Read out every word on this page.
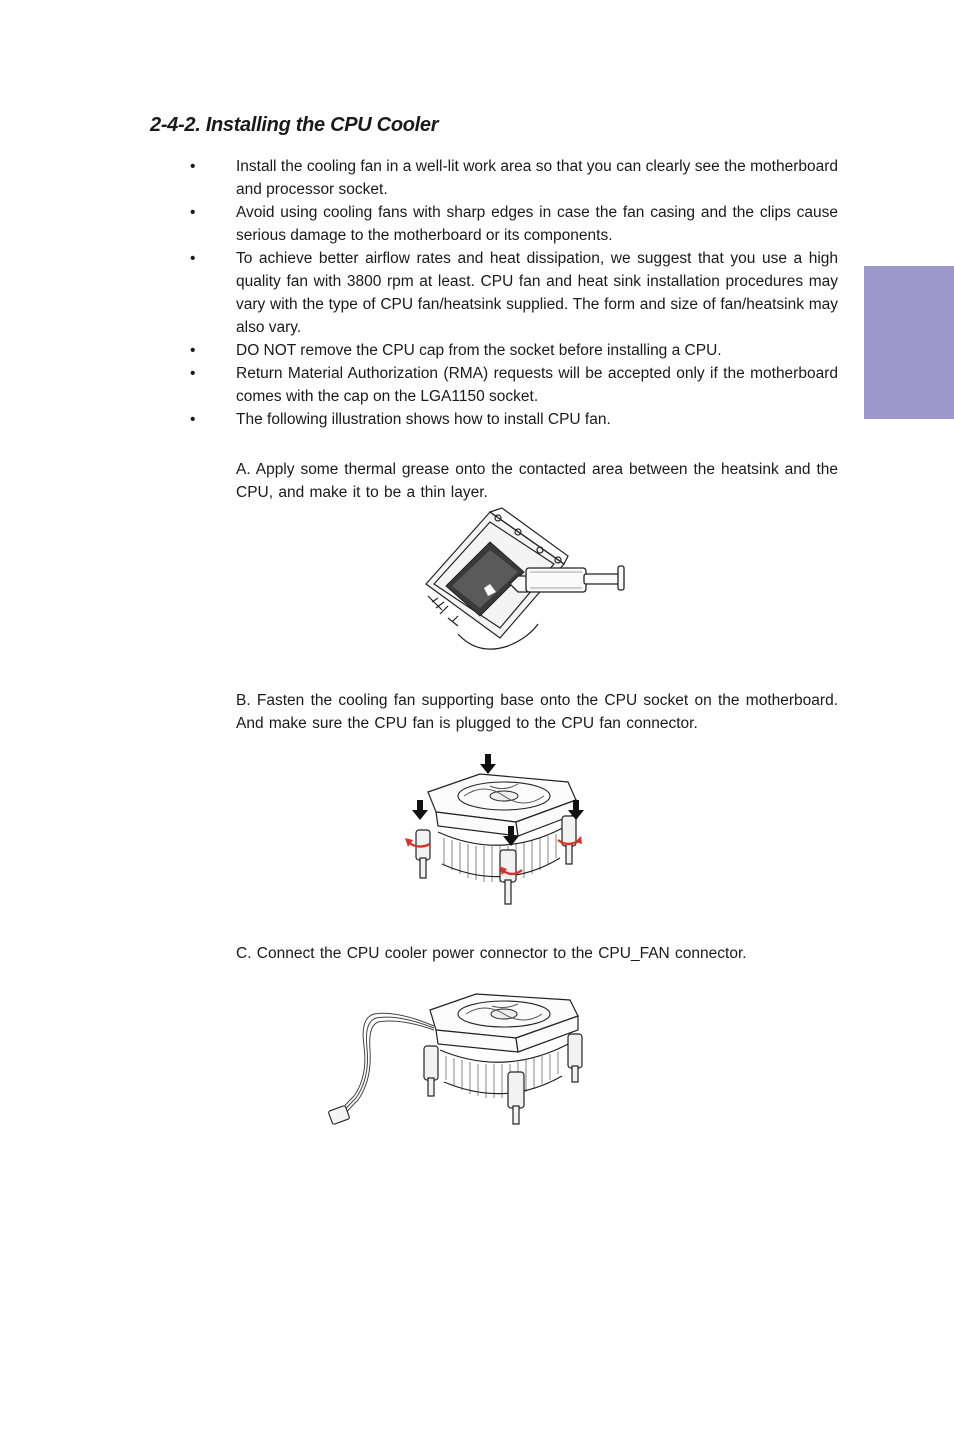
2-4-2. Installing the CPU Cooler
•	Install the cooling fan in a well-lit work area so that you can clearly see the motherboard and processor socket.
•	Avoid using cooling fans with sharp edges in case the fan casing and the clips cause serious damage to the motherboard or its components.
•	To achieve better airflow rates and heat dissipation, we suggest that you use a high quality fan with 3800 rpm at least. CPU fan and heat sink installation procedures may vary with the type of CPU fan/heatsink supplied. The form and size of fan/heatsink may also vary.
•	DO NOT remove the CPU cap from the socket before installing a CPU.
•	Return Material Authorization (RMA) requests will be accepted only if the motherboard comes with the cap on the LGA1150 socket.
•	The following illustration shows how to install CPU fan.

A. Apply some thermal grease onto the contacted area between the heatsink and the CPU, and make it to be a thin layer.

B. Fasten the cooling fan supporting base onto the CPU socket on the motherboard. And make sure the CPU fan is plugged to the CPU fan connector.

C. Connect the CPU cooler power connector to the CPU_FAN connector.
